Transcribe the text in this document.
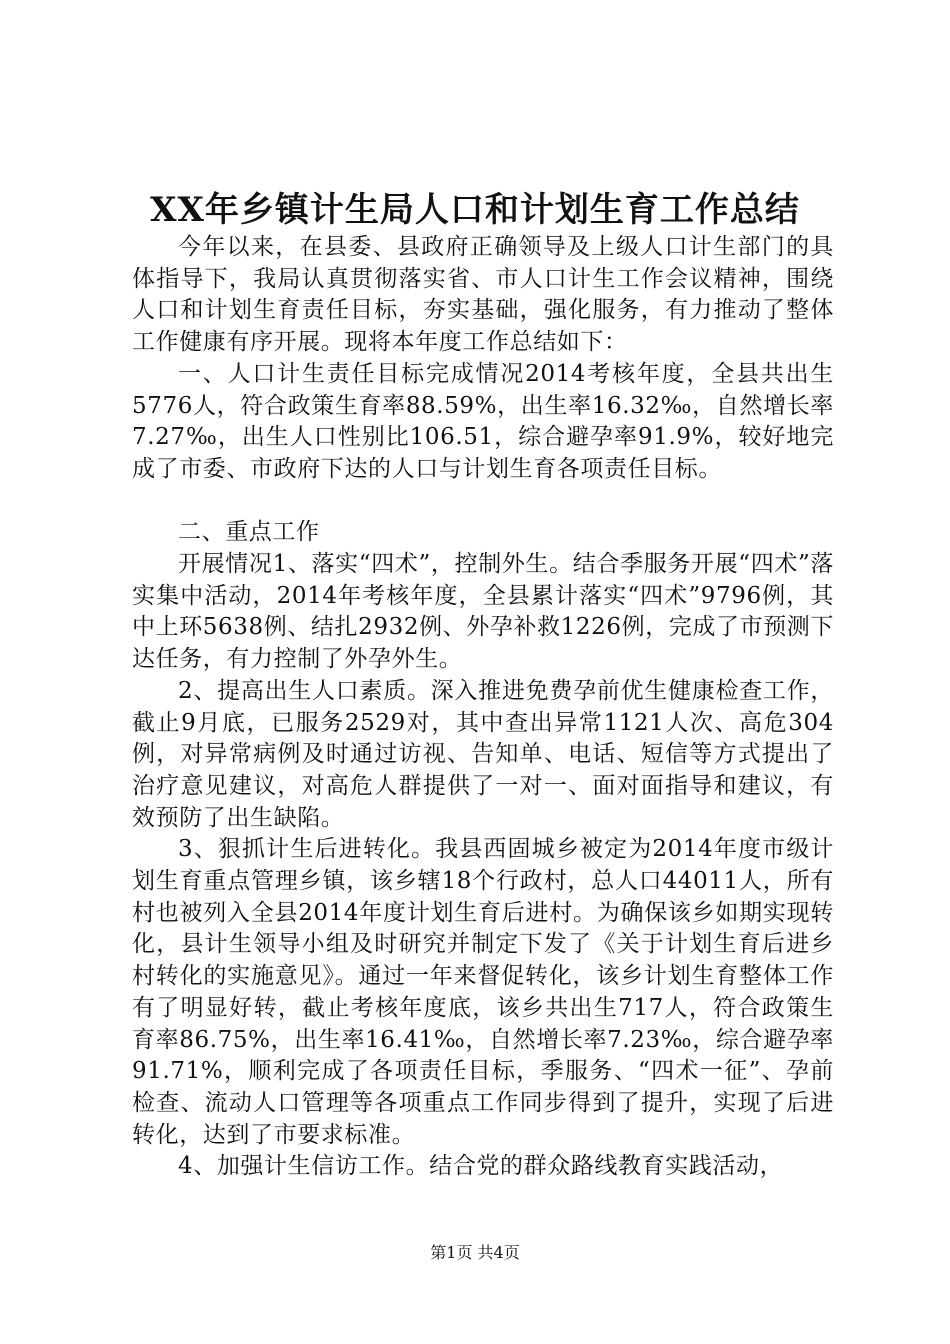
XX年乡镇计生局人口和计划生育工作总结

今年以来，在县委、县政府正确领导及上级人口计生部门的具体指导下，我局认真贯彻落实省、市人口计生工作会议精神，围绕人口和计划生育责任目标，夯实基础，强化服务，有力推动了整体工作健康有序开展。现将本年度工作总结如下：

一、人口计生责任目标完成情况2014考核年度，全县共出生5776人，符合政策生育率88.59%，出生率16.32‰，自然增长率7.27‰，出生人口性别比106.51，综合避孕率91.9%，较好地完成了市委、市政府下达的人口与计划生育各项责任目标。

二、重点工作

开展情况1、落实“四术”，控制外生。结合季服务开展“四术”落实集中活动，2014年考核年度，全县累计落实“四术”9796例，其中上环5638例、结扎2932例、外孕补救1226例，完成了市预测下达任务，有力控制了外孕外生。

2、提高出生人口素质。深入推进免费孕前优生健康检查工作，截止9月底，已服务2529对，其中查出异常1121人次、高危304例，对异常病例及时通过访视、告知单、电话、短信等方式提出了治疗意见建议，对高危人群提供了一对一、面对面指导和建议，有效预防了出生缺陷。

3、狠抓计生后进转化。我县西固城乡被定为2014年度市级计划生育重点管理乡镇，该乡辖18个行政村，总人口44011人，所有村也被列入全县2014年度计划生育后进村。为确保该乡如期实现转化，县计生领导小组及时研究并制定下发了《关于计划生育后进乡村转化的实施意见》。通过一年来督促转化，该乡计划生育整体工作有了明显好转，截止考核年度底，该乡共出生717人，符合政策生育率86.75%，出生率16.41‰，自然增长率7.23‰，综合避孕率91.71%，顺利完成了各项责任目标，季服务、“四术一征”、孕前检查、流动人口管理等各项重点工作同步得到了提升，实现了后进转化，达到了市要求标准。

4、加强计生信访工作。结合党的群众路线教育实践活动，

第1页 共4页
